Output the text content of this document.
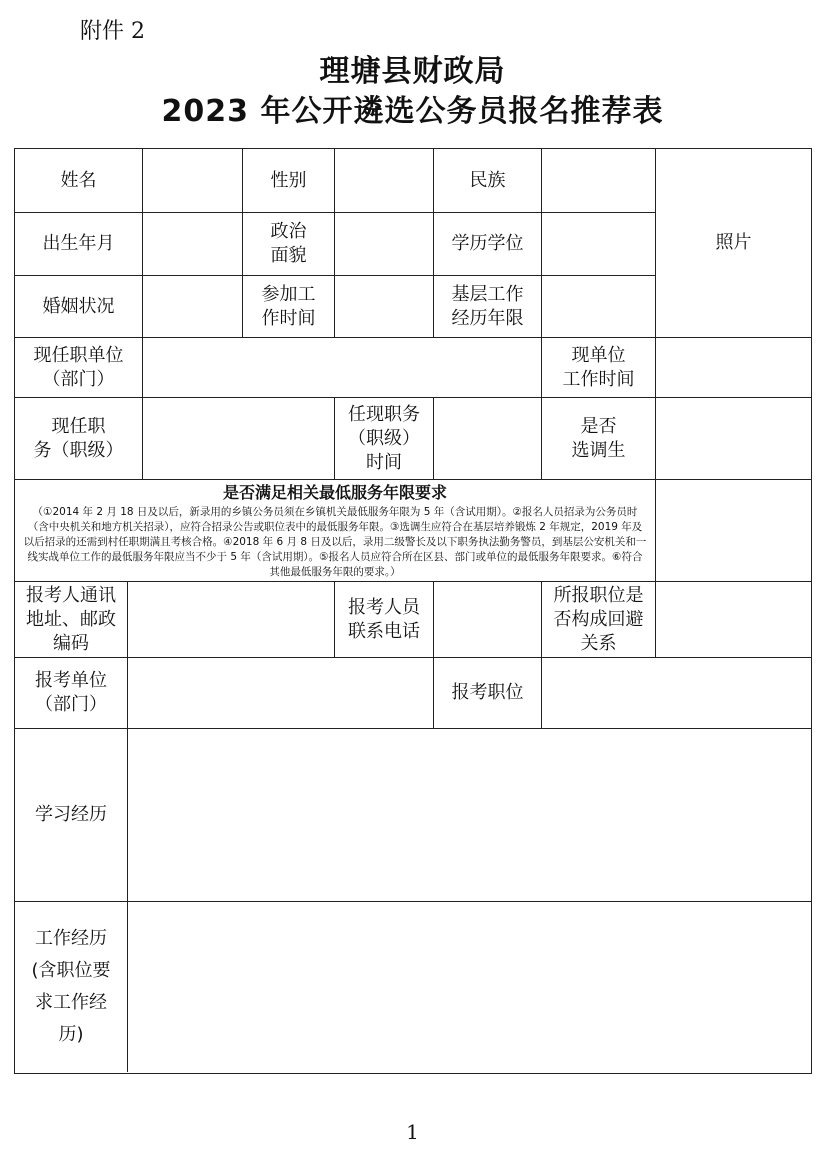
附件 2
理塘县财政局
2023 年公开遴选公务员报名推荐表
姓名	性别	民族
照片
出生年月
政治
面貌
学历学位
婚姻状况
参加工
作时间
基层工作
经历年限
现任职单位
（部门）
现单位
工作时间
现任职
务（职级）
任现职务
（职级）
时间
是否
选调生
是否满足相关最低服务年限要求
（①2014 年 2 月 18 日及以后，新录用的乡镇公务员须在乡镇机关最低服务年限为 5 年（含试用期）。②报名人员招录为公务员时（含中央机关和地方机关招录），应符合招录公告或职位表中的最低服务年限。③选调生应符合在基层培养锻炼 2 年规定，2019 年及以后招录的还需到村任职期满且考核合格。④2018 年 6 月 8 日及以后，录用二级警长及以下职务执法勤务警员，到基层公安机关和一线实战单位工作的最低服务年限应当不少于 5 年（含试用期）。⑤报名人员应符合所在区县、部门或单位的最低服务年限要求。⑥符合其他最低服务年限的要求。）
报考人通讯
地址、邮政
编码
报考人员
联系电话
所报职位是
否构成回避
关系
报考单位
（部门）
报考职位
学习经历
工作经历
(含职位要
求工作经
历)
1
